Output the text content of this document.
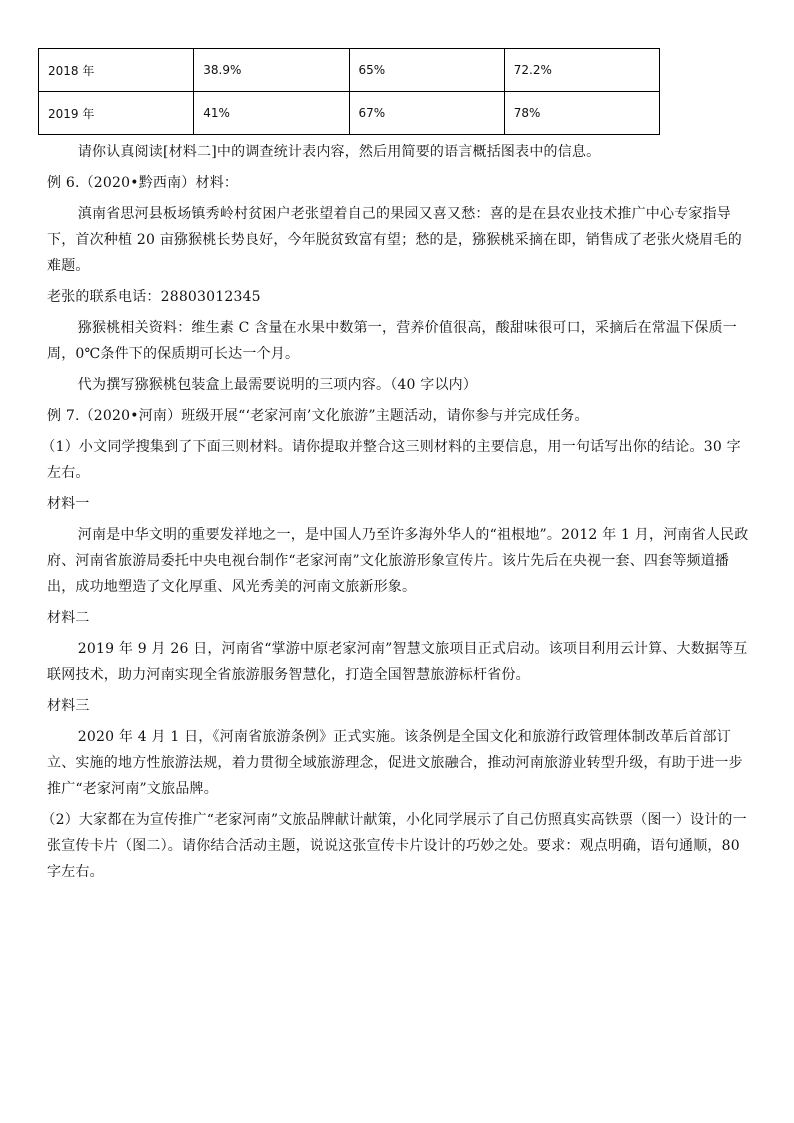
2018 年	38.9%	65%	72.2%
2019 年	41%	67%	78%

请你认真阅读[材料二]中的调查统计表内容，然后用简要的语言概括图表中的信息。

例 6.（2020•黔西南）材料：

滇南省思河县板场镇秀岭村贫困户老张望着自己的果园又喜又愁：喜的是在县农业技术推广中心专家指导下，首次种植 20 亩猕猴桃长势良好，今年脱贫致富有望；愁的是，猕猴桃采摘在即，销售成了老张火烧眉毛的难题。

老张的联系电话：28803012345

猕猴桃相关资料：维生素 C 含量在水果中数第一，营养价值很高，酸甜味很可口，采摘后在常温下保质一周，0℃条件下的保质期可长达一个月。

代为撰写猕猴桃包装盒上最需要说明的三项内容。（40 字以内）

例 7.（2020•河南）班级开展“‘老家河南’文化旅游”主题活动，请你参与并完成任务。

（1）小文同学搜集到了下面三则材料。请你提取并整合这三则材料的主要信息，用一句话写出你的结论。30 字左右。

材料一

河南是中华文明的重要发祥地之一，是中国人乃至许多海外华人的“祖根地”。2012 年 1 月，河南省人民政府、河南省旅游局委托中央电视台制作“老家河南”文化旅游形象宣传片。该片先后在央视一套、四套等频道播出，成功地塑造了文化厚重、风光秀美的河南文旅新形象。

材料二

2019 年 9 月 26 日，河南省“掌游中原老家河南”智慧文旅项目正式启动。该项目利用云计算、大数据等互联网技术，助力河南实现全省旅游服务智慧化，打造全国智慧旅游标杆省份。

材料三

2020 年 4 月 1 日，《河南省旅游条例》正式实施。该条例是全国文化和旅游行政管理体制改革后首部订立、实施的地方性旅游法规，着力贯彻全域旅游理念，促进文旅融合，推动河南旅游业转型升级，有助于进一步推广“老家河南”文旅品牌。

（2）大家都在为宣传推广“老家河南”文旅品牌献计献策，小化同学展示了自己仿照真实高铁票（图一）设计的一张宣传卡片（图二）。请你结合活动主题，说说这张宣传卡片设计的巧妙之处。要求：观点明确，语句通顺，80 字左右。
